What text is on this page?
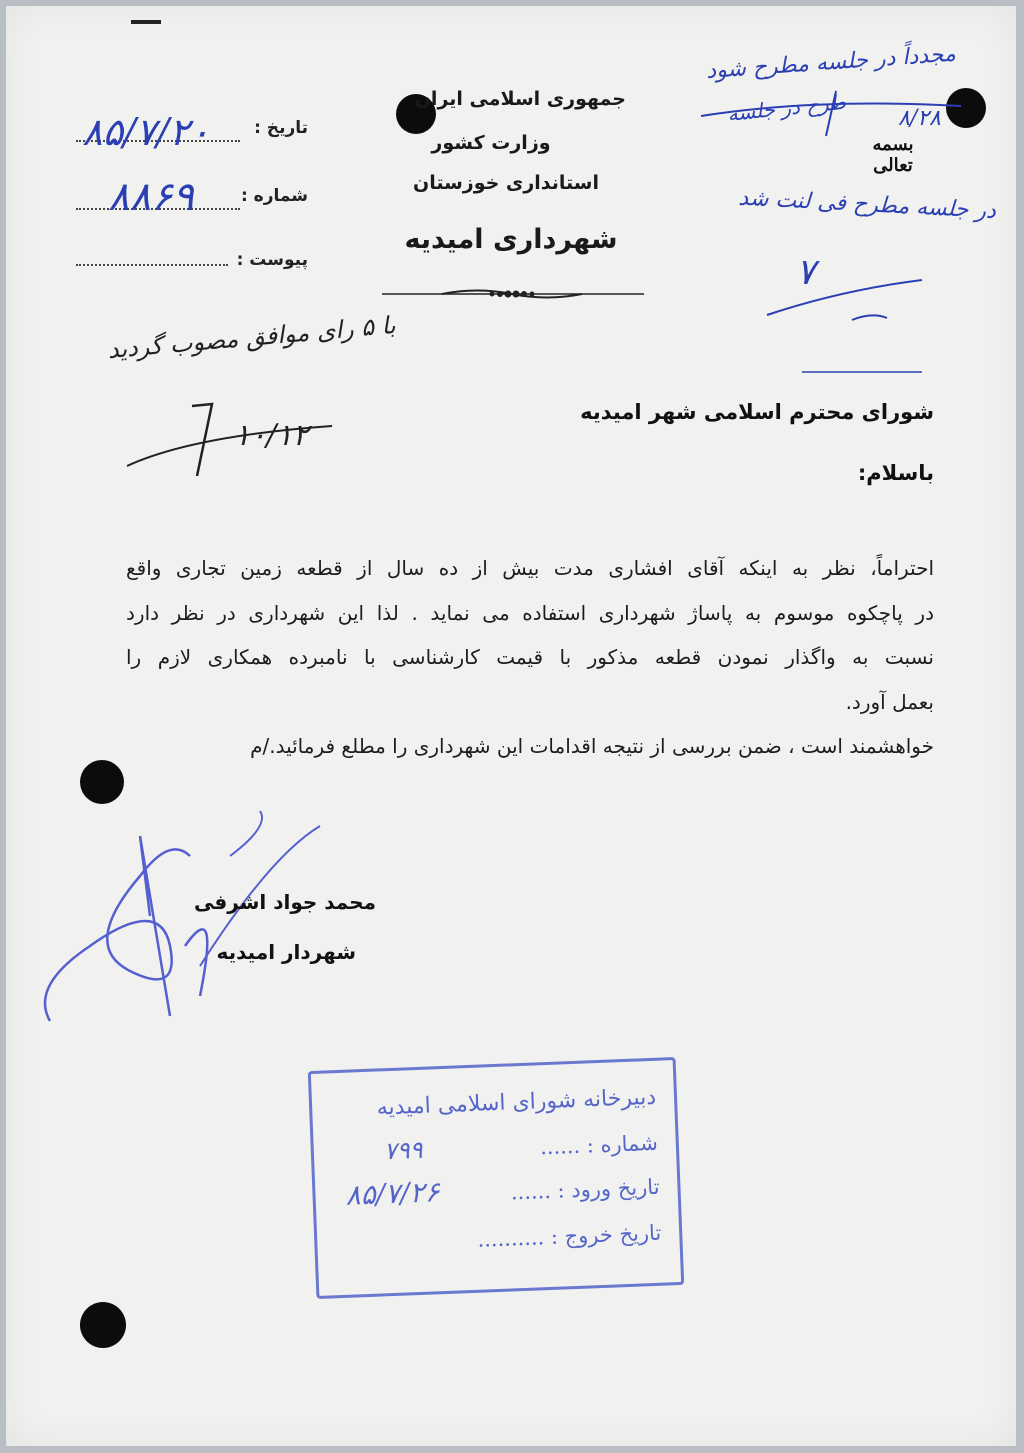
جمهوری اسلامی ایران
وزارت کشور
استانداری خوزستان
شهرداری امیدیه
تاریخ :
۸۵/۷/۲۰
شماره :
۸۸۶۹
پیوست :
مجدداً در جلسه مطرح شود
طرح در جلسه ۸/۲۸
بسمه تعالی
در جلسه مطرح فی لنت شد
۷
با ۵ رای موافق مصوب گردید
۱۰/۱۲
شورای محترم اسلامی شهر امیدیه
باسلام:
احتراماً، نظر به اینکه آقای افشاری مدت بیش از ده سال از قطعه زمین تجاری واقع
در پاچکوه موسوم به پاساژ شهرداری استفاده می نماید . لذا این شهرداری در نظر دارد
نسبت به واگذار نمودن قطعه مذکور با قیمت کارشناسی با نامبرده همکاری لازم را
بعمل آورد.
خواهشمند است ، ضمن بررسی از نتیجه اقدامات این شهرداری را مطلع فرمائید./م
محمد جواد اشرفی
شهردار امیدیه
دبیرخانه شورای اسلامی امیدیه
شماره : ......
۷۹۹
تاریخ ورود : ......
۸۵/۷/۲۶
تاریخ خروج : ..........
